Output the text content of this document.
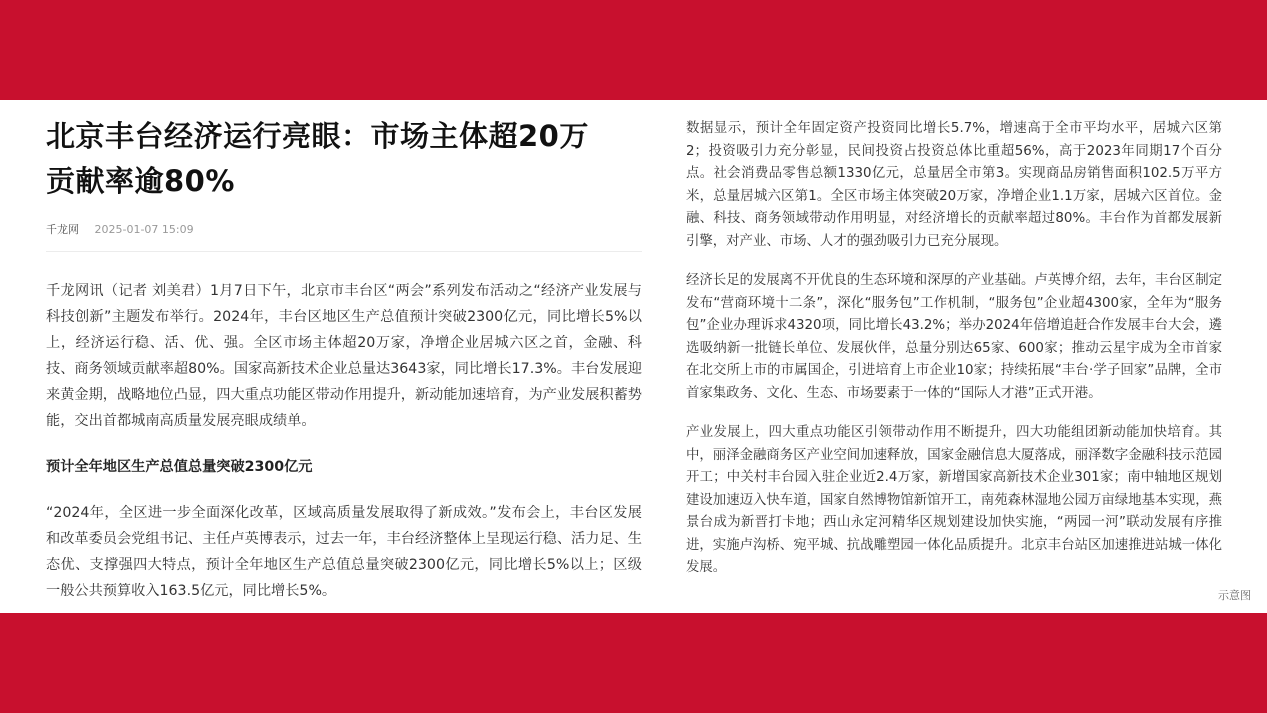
北京丰台经济运行亮眼：市场主体超20万
贡献率逾80%
千龙网 2025-01-07 15:09

千龙网讯（记者 刘美君）1月7日下午，北京市丰台区“两会”系列发布活动之“经济产业发展与科技创新”主题发布举行。2024年，丰台区地区生产总值预计突破2300亿元，同比增长5%以上，经济运行稳、活、优、强。全区市场主体超20万家，净增企业居城六区之首，金融、科技、商务领域贡献率超80%。国家高新技术企业总量达3643家，同比增长17.3%。丰台发展迎来黄金期，战略地位凸显，四大重点功能区带动作用提升，新动能加速培育，为产业发展积蓄势能，交出首都城南高质量发展亮眼成绩单。

预计全年地区生产总值总量突破2300亿元

“2024年，全区进一步全面深化改革，区域高质量发展取得了新成效。”发布会上，丰台区发展和改革委员会党组书记、主任卢英博表示，过去一年，丰台经济整体上呈现运行稳、活力足、生态优、支撑强四大特点，预计全年地区生产总值总量突破2300亿元，同比增长5%以上；区级一般公共预算收入163.5亿元，同比增长5%。

数据显示，预计全年固定资产投资同比增长5.7%，增速高于全市平均水平，居城六区第2；投资吸引力充分彰显，民间投资占投资总体比重超56%，高于2023年同期17个百分点。社会消费品零售总额1330亿元，总量居全市第3。实现商品房销售面积102.5万平方米，总量居城六区第1。全区市场主体突破20万家，净增企业1.1万家，居城六区首位。金融、科技、商务领域带动作用明显，对经济增长的贡献率超过80%。丰台作为首都发展新引擎，对产业、市场、人才的强劲吸引力已充分展现。

经济长足的发展离不开优良的生态环境和深厚的产业基础。卢英博介绍，去年，丰台区制定发布“营商环境十二条”，深化“服务包”工作机制，“服务包”企业超4300家，全年为“服务包”企业办理诉求4320项，同比增长43.2%；举办2024年倍增追赶合作发展丰台大会，遴选吸纳新一批链长单位、发展伙伴，总量分别达65家、600家；推动云星宇成为全市首家在北交所上市的市属国企，引进培育上市企业10家；持续拓展“丰台·学子回家”品牌，全市首家集政务、文化、生态、市场要素于一体的“国际人才港”正式开港。

产业发展上，四大重点功能区引领带动作用不断提升，四大功能组团新动能加快培育。其中，丽泽金融商务区产业空间加速释放，国家金融信息大厦落成，丽泽数字金融科技示范园开工；中关村丰台园入驻企业近2.4万家，新增国家高新技术企业301家；南中轴地区规划建设加速迈入快车道，国家自然博物馆新馆开工，南苑森林湿地公园万亩绿地基本实现，燕景台成为新晋打卡地；西山永定河精华区规划建设加快实施，“两园一河”联动发展有序推进，实施卢沟桥、宛平城、抗战雕塑园一体化品质提升。北京丰台站区加速推进站城一体化发展。

示意图
